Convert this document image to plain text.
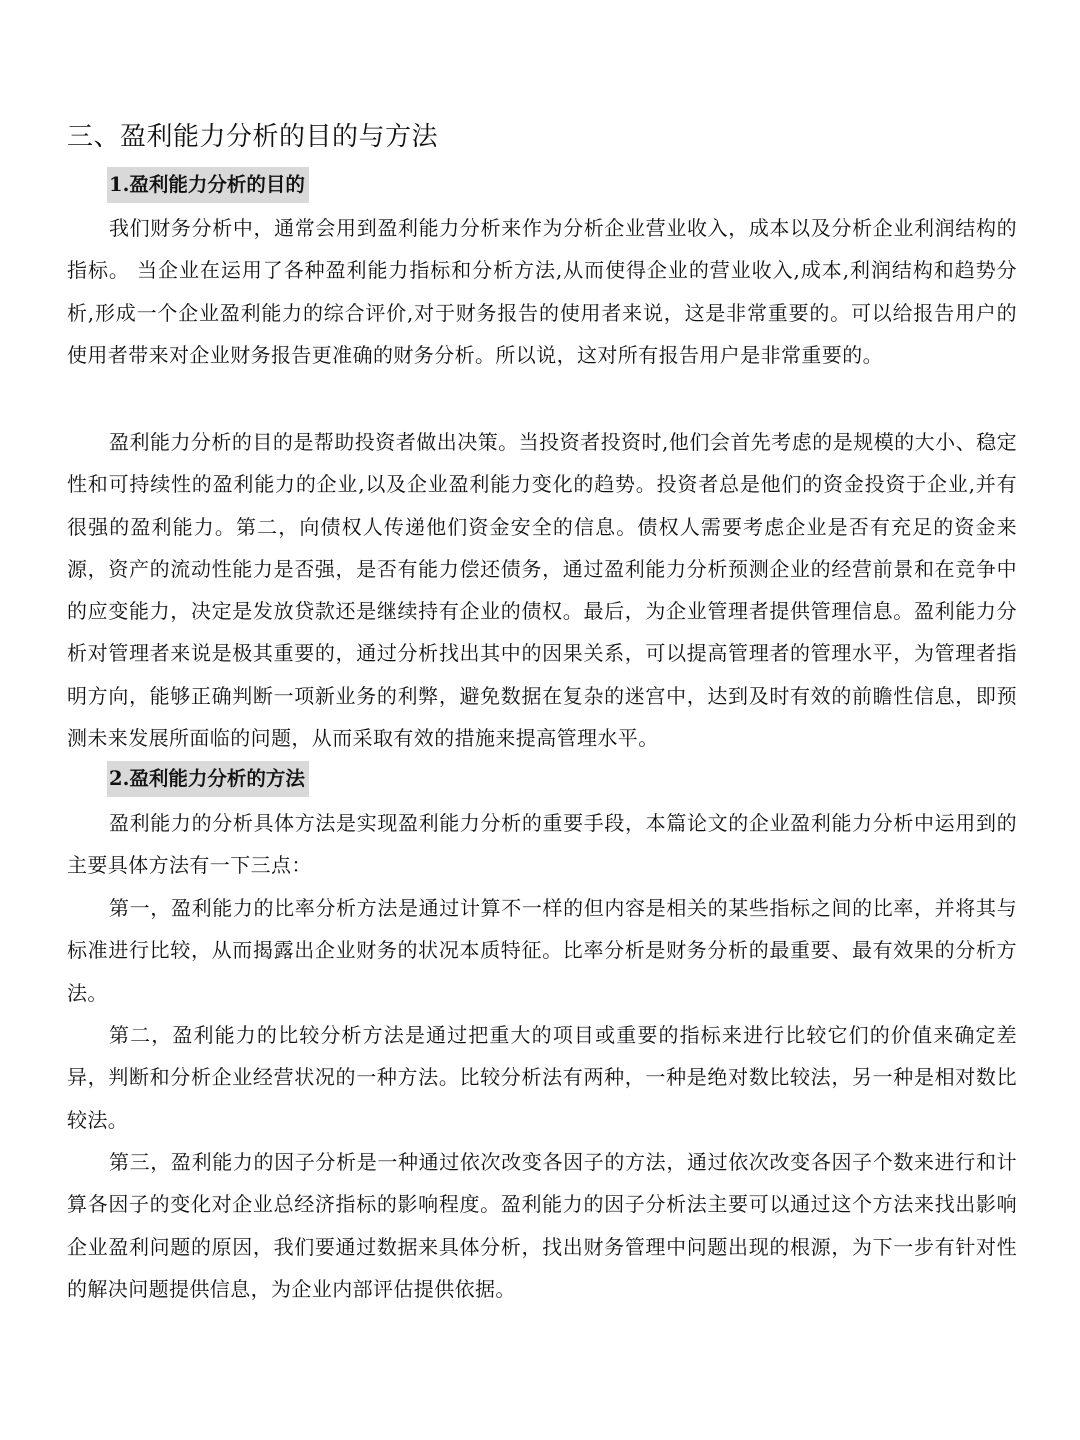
三、盈利能力分析的目的与方法
1.盈利能力分析的目的

我们财务分析中，通常会用到盈利能力分析来作为分析企业营业收入，成本以及分析企业利润结构的指标。 当企业在运用了各种盈利能力指标和分析方法,从而使得企业的营业收入,成本,利润结构和趋势分析,形成一个企业盈利能力的综合评价,对于财务报告的使用者来说，这是非常重要的。可以给报告用户的使用者带来对企业财务报告更准确的财务分析。所以说，这对所有报告用户是非常重要的。

盈利能力分析的目的是帮助投资者做出决策。当投资者投资时,他们会首先考虑的是规模的大小、稳定性和可持续性的盈利能力的企业,以及企业盈利能力变化的趋势。投资者总是他们的资金投资于企业,并有很强的盈利能力。第二，向债权人传递他们资金安全的信息。债权人需要考虑企业是否有充足的资金来源，资产的流动性能力是否强，是否有能力偿还债务，通过盈利能力分析预测企业的经营前景和在竞争中的应变能力，决定是发放贷款还是继续持有企业的债权。最后，为企业管理者提供管理信息。盈利能力分析对管理者来说是极其重要的，通过分析找出其中的因果关系，可以提高管理者的管理水平，为管理者指明方向，能够正确判断一项新业务的利弊，避免数据在复杂的迷宫中，达到及时有效的前瞻性信息，即预测未来发展所面临的问题，从而采取有效的措施来提高管理水平。

2.盈利能力分析的方法

盈利能力的分析具体方法是实现盈利能力分析的重要手段，本篇论文的企业盈利能力分析中运用到的主要具体方法有一下三点：

第一，盈利能力的比率分析方法是通过计算不一样的但内容是相关的某些指标之间的比率，并将其与标准进行比较，从而揭露出企业财务的状况本质特征。比率分析是财务分析的最重要、最有效果的分析方法。

第二，盈利能力的比较分析方法是通过把重大的项目或重要的指标来进行比较它们的价值来确定差异，判断和分析企业经营状况的一种方法。比较分析法有两种，一种是绝对数比较法，另一种是相对数比较法。

第三，盈利能力的因子分析是一种通过依次改变各因子的方法，通过依次改变各因子个数来进行和计算各因子的变化对企业总经济指标的影响程度。盈利能力的因子分析法主要可以通过这个方法来找出影响企业盈利问题的原因，我们要通过数据来具体分析，找出财务管理中问题出现的根源，为下一步有针对性的解决问题提供信息，为企业内部评估提供依据。
